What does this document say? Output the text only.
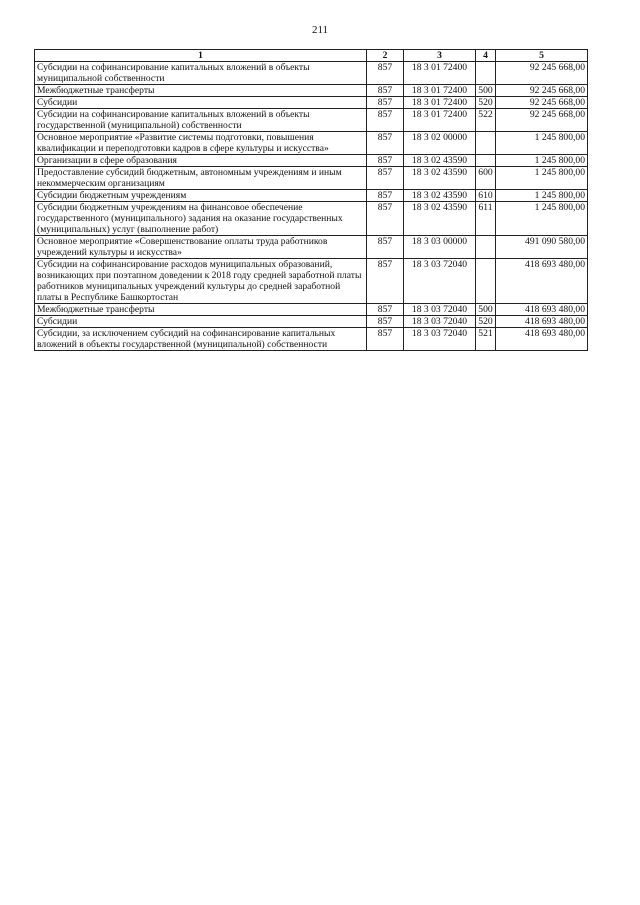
211
1	2	3	4	5
Субсидии на софинансирование капитальных вложений в объекты муниципальной собственности	857	18 3 01 72400		92 245 668,00
Межбюджетные трансферты	857	18 3 01 72400	500	92 245 668,00
Субсидии	857	18 3 01 72400	520	92 245 668,00
Субсидии на софинансирование капитальных вложений в объекты государственной (муниципальной) собственности	857	18 3 01 72400	522	92 245 668,00
Основное мероприятие «Развитие системы подготовки, повышения квалификации и переподготовки кадров в сфере культуры и искусства»	857	18 3 02 00000		1 245 800,00
Организации в сфере образования	857	18 3 02 43590		1 245 800,00
Предоставление субсидий бюджетным, автономным учреждениям и иным некоммерческим организациям	857	18 3 02 43590	600	1 245 800,00
Субсидии бюджетным учреждениям	857	18 3 02 43590	610	1 245 800,00
Субсидии бюджетным учреждениям на финансовое обеспечение государственного (муниципального) задания на оказание государственных (муниципальных) услуг (выполнение работ)	857	18 3 02 43590	611	1 245 800,00
Основное мероприятие «Совершенствование оплаты труда работников учреждений культуры и искусства»	857	18 3 03 00000		491 090 580,00
Субсидии на софинансирование расходов муниципальных образований, возникающих при поэтапном доведении к 2018 году средней заработной платы работников муниципальных учреждений культуры до средней заработной платы в Республике Башкортостан	857	18 3 03 72040		418 693 480,00
Межбюджетные трансферты	857	18 3 03 72040	500	418 693 480,00
Субсидии	857	18 3 03 72040	520	418 693 480,00
Субсидии, за исключением субсидий на софинансирование капитальных вложений в объекты государственной (муниципальной) собственности	857	18 3 03 72040	521	418 693 480,00
